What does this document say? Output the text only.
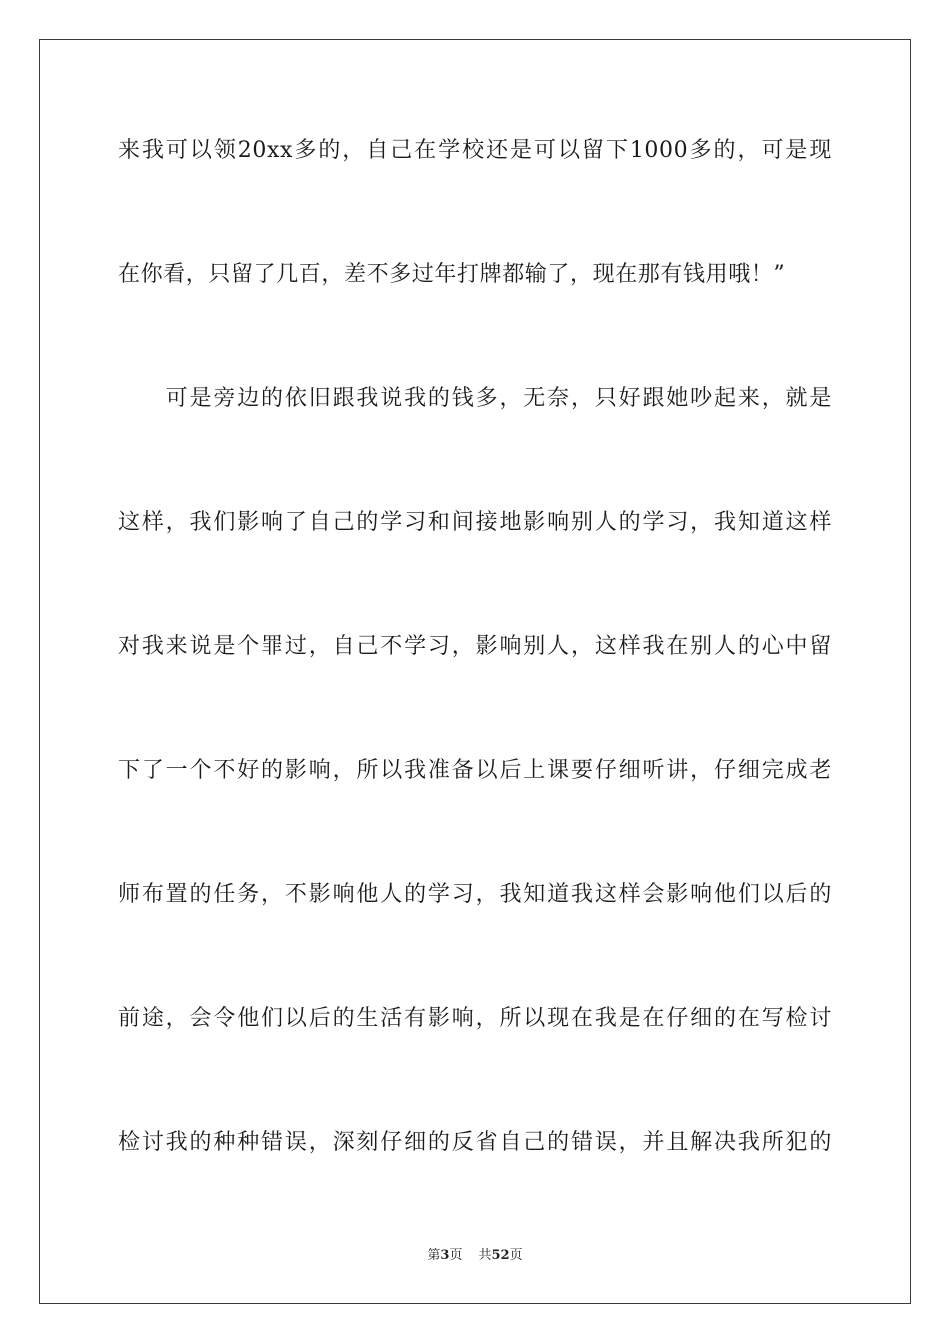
来我可以领20xx多的，自己在学校还是可以留下1000多的，可是现
在你看，只留了几百，差不多过年打牌都输了，现在那有钱用哦！”
　　可是旁边的依旧跟我说我的钱多，无奈，只好跟她吵起来，就是
这样，我们影响了自己的学习和间接地影响别人的学习，我知道这样
对我来说是个罪过，自己不学习，影响别人，这样我在别人的心中留
下了一个不好的影响，所以我准备以后上课要仔细听讲，仔细完成老
师布置的任务，不影响他人的学习，我知道我这样会影响他们以后的
前途，会令他们以后的生活有影响，所以现在我是在仔细的在写检讨
检讨我的种种错误，深刻仔细的反省自己的错误，并且解决我所犯的
第3页 共52页
